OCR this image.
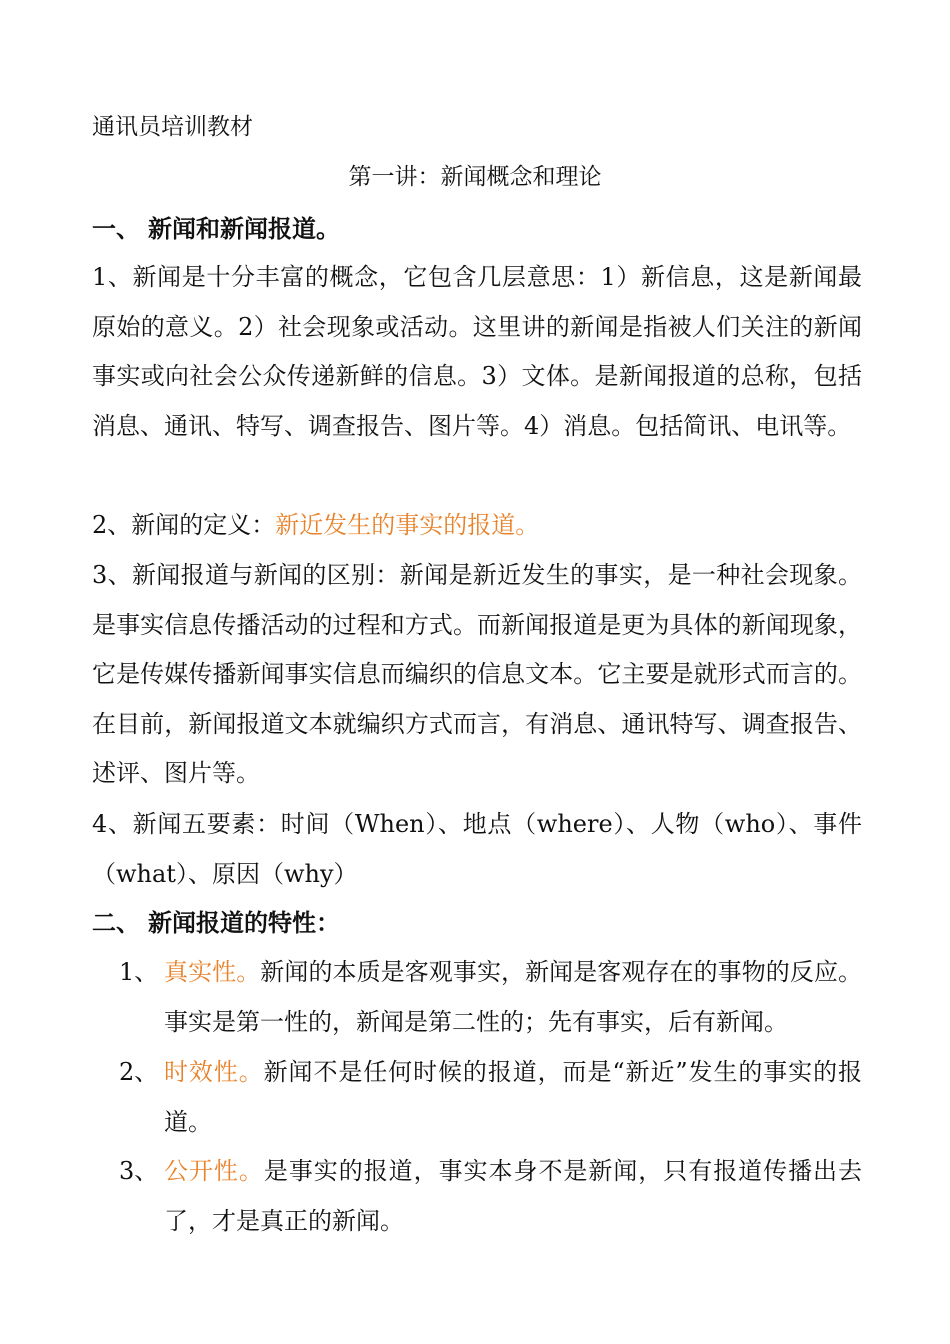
通讯员培训教材
第一讲：新闻概念和理论
一、 新闻和新闻报道。
1、新闻是十分丰富的概念，它包含几层意思：1）新信息，这是新闻最原始的意义。2）社会现象或活动。这里讲的新闻是指被人们关注的新闻事实或向社会公众传递新鲜的信息。3）文体。是新闻报道的总称，包括消息、通讯、特写、调查报告、图片等。4）消息。包括简讯、电讯等。
2、新闻的定义：新近发生的事实的报道。
3、新闻报道与新闻的区别：新闻是新近发生的事实，是一种社会现象。是事实信息传播活动的过程和方式。而新闻报道是更为具体的新闻现象，它是传媒传播新闻事实信息而编织的信息文本。它主要是就形式而言的。在目前，新闻报道文本就编织方式而言，有消息、通讯特写、调查报告、述评、图片等。
4、新闻五要素：时间（When）、地点（where）、人物（who）、事件（what）、原因（why）
二、 新闻报道的特性：
1、 真实性。新闻的本质是客观事实，新闻是客观存在的事物的反应。事实是第一性的，新闻是第二性的；先有事实，后有新闻。
2、 时效性。新闻不是任何时候的报道，而是“新近”发生的事实的报道。
3、 公开性。是事实的报道，事实本身不是新闻，只有报道传播出去了，才是真正的新闻。
